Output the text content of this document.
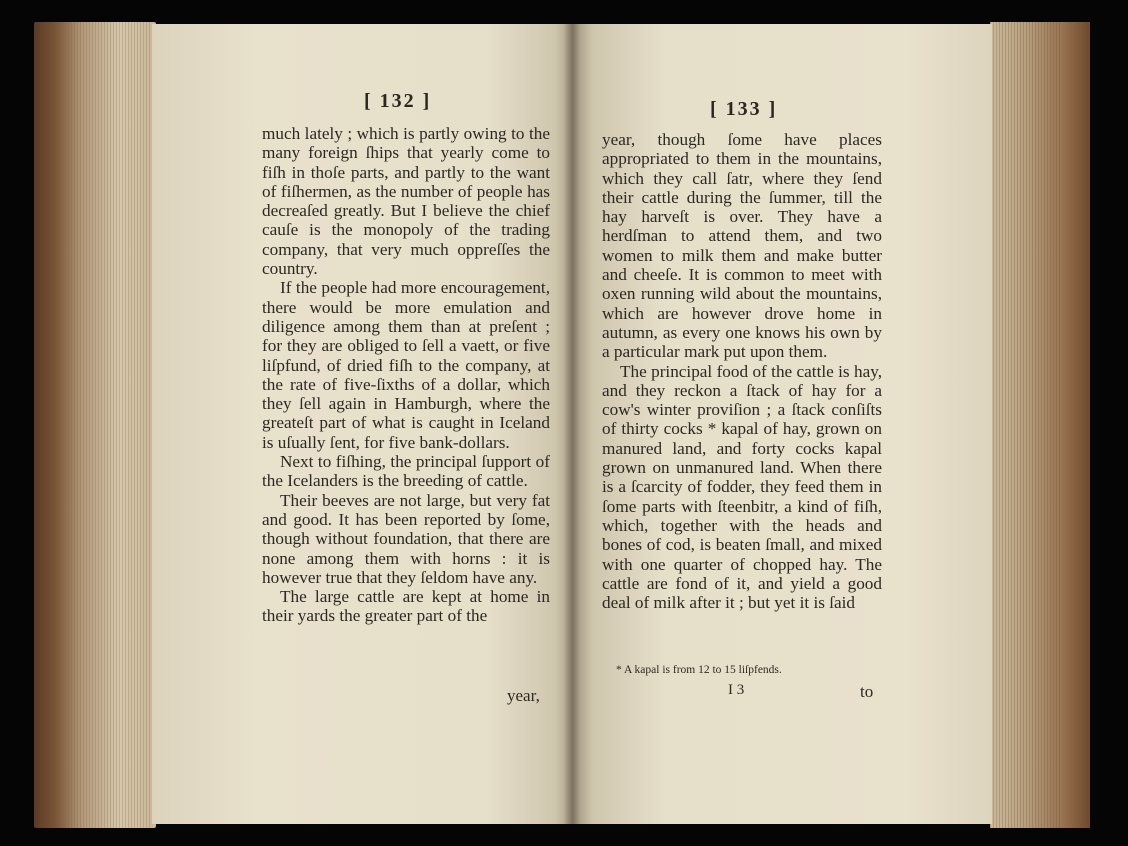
[ 132 ]

much lately ; which is partly owing to the many foreign ſhips that yearly come to fiſh in thoſe parts, and partly to the want of fiſhermen, as the number of people has decreaſed greatly. But I believe the chief cauſe is the monopoly of the trading company, that very much oppreſſes the country.

If the people had more encouragement, there would be more emulation and diligence among them than at preſent ; for they are obliged to ſell a vaett, or five liſpfund, of dried fiſh to the company, at the rate of five-ſixths of a dollar, which they ſell again in Hamburgh, where the greateſt part of what is caught in Iceland is uſually ſent, for five bank-dollars.

Next to fiſhing, the principal ſupport of the Icelanders is the breeding of cattle.

Their beeves are not large, but very fat and good. It has been reported by ſome, though without foundation, that there are none among them with horns : it is however true that they ſeldom have any.

The large cattle are kept at home in their yards the greater part of the

year,
[ 133 ]

year, though ſome have places appropriated to them in the mountains, which they call ſatr, where they ſend their cattle during the ſummer, till the hay harveſt is over. They have a herdſman to attend them, and two women to milk them and make butter and cheeſe. It is common to meet with oxen running wild about the mountains, which are however drove home in autumn, as every one knows his own by a particular mark put upon them.

The principal food of the cattle is hay, and they reckon a ſtack of hay for a cow's winter proviſion ; a ſtack conſiſts of thirty cocks * kapal of hay, grown on manured land, and forty cocks kapal grown on unmanured land. When there is a ſcarcity of fodder, they feed them in ſome parts with ſteenbitr, a kind of fiſh, which, together with the heads and bones of cod, is beaten ſmall, and mixed with one quarter of chopped hay. The cattle are fond of it, and yield a good deal of milk after it ; but yet it is ſaid

* A kapal is from 12 to 15 liſpfends.
I 3	to
